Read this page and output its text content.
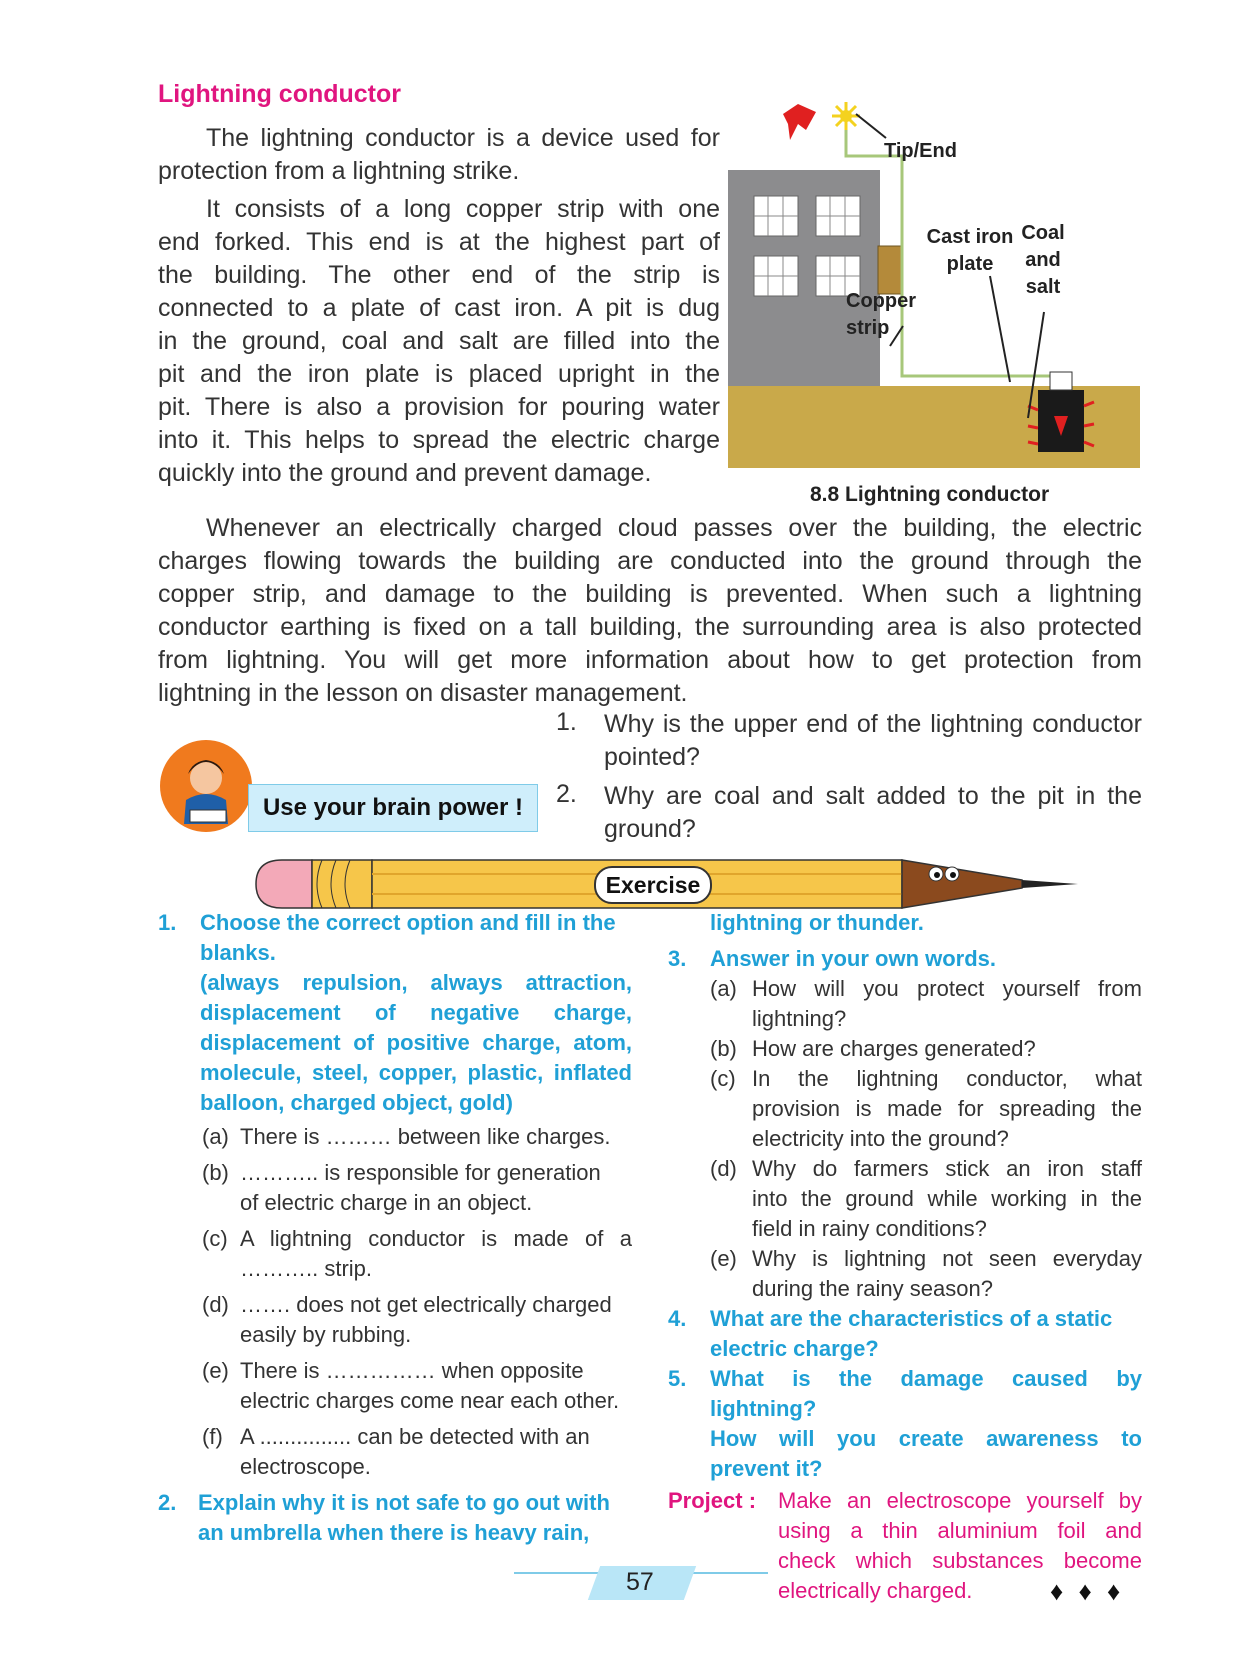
Lightning conductor
The lightning conductor is a device used for
protection from a lightning strike.
It consists of a long copper strip with one
end forked. This end is at the highest part of
the building. The other end of the strip is
connected to a plate of cast iron. A pit is dug
in the ground, coal and salt are filled into the
pit and the iron plate is placed upright in the
pit. There is also a provision for pouring water
into it. This helps to spread the electric charge
quickly into the ground and prevent damage.
Tip/End
Cast iron
plate
Coal
and
salt
Copper
strip
8.8 Lightning conductor
Whenever an electrically charged cloud passes over the building, the electric
charges flowing towards the building are conducted into the ground through the
copper strip, and damage to the building is prevented. When such a lightning
conductor earthing is fixed on a tall building, the surrounding area is also protected
from lightning. You will get more information about how to get protection from
lightning in the lesson on disaster management.
Use your brain power !
1. Why is the upper end of the lightning conductor
pointed?
2. Why are coal and salt added to the pit in the
ground?
Exercise
1. Choose the correct option and fill in the
blanks.
(always repulsion, always attraction,
displacement of negative charge,
displacement of positive charge, atom,
molecule, steel, copper, plastic, inflated
balloon, charged object, gold)
(a) There is ……… between like charges.
(b) ……….. is responsible for generation
of electric charge in an object.
(c) A lightning conductor is made of a
……….. strip.
(d) ……. does not get electrically charged
easily by rubbing.
(e) There is …………… when opposite
electric charges come near each other.
(f) A ............... can be detected with an
electroscope.
2. Explain why it is not safe to go out with
an umbrella when there is heavy rain,
lightning or thunder.
3. Answer in your own words.
(a) How will you protect yourself from
lightning?
(b) How are charges generated?
(c) In the lightning conductor, what
provision is made for spreading the
electricity into the ground?
(d) Why do farmers stick an iron staff
into the ground while working in the
field in rainy conditions?
(e) Why is lightning not seen everyday
during the rainy season?
4. What are the characteristics of a static
electric charge?
5. What is the damage caused by lightning?
How will you create awareness to
prevent it?
Project : Make an electroscope yourself by
using a thin aluminium foil and
check which substances become
electrically charged.
57	♦ ♦ ♦
